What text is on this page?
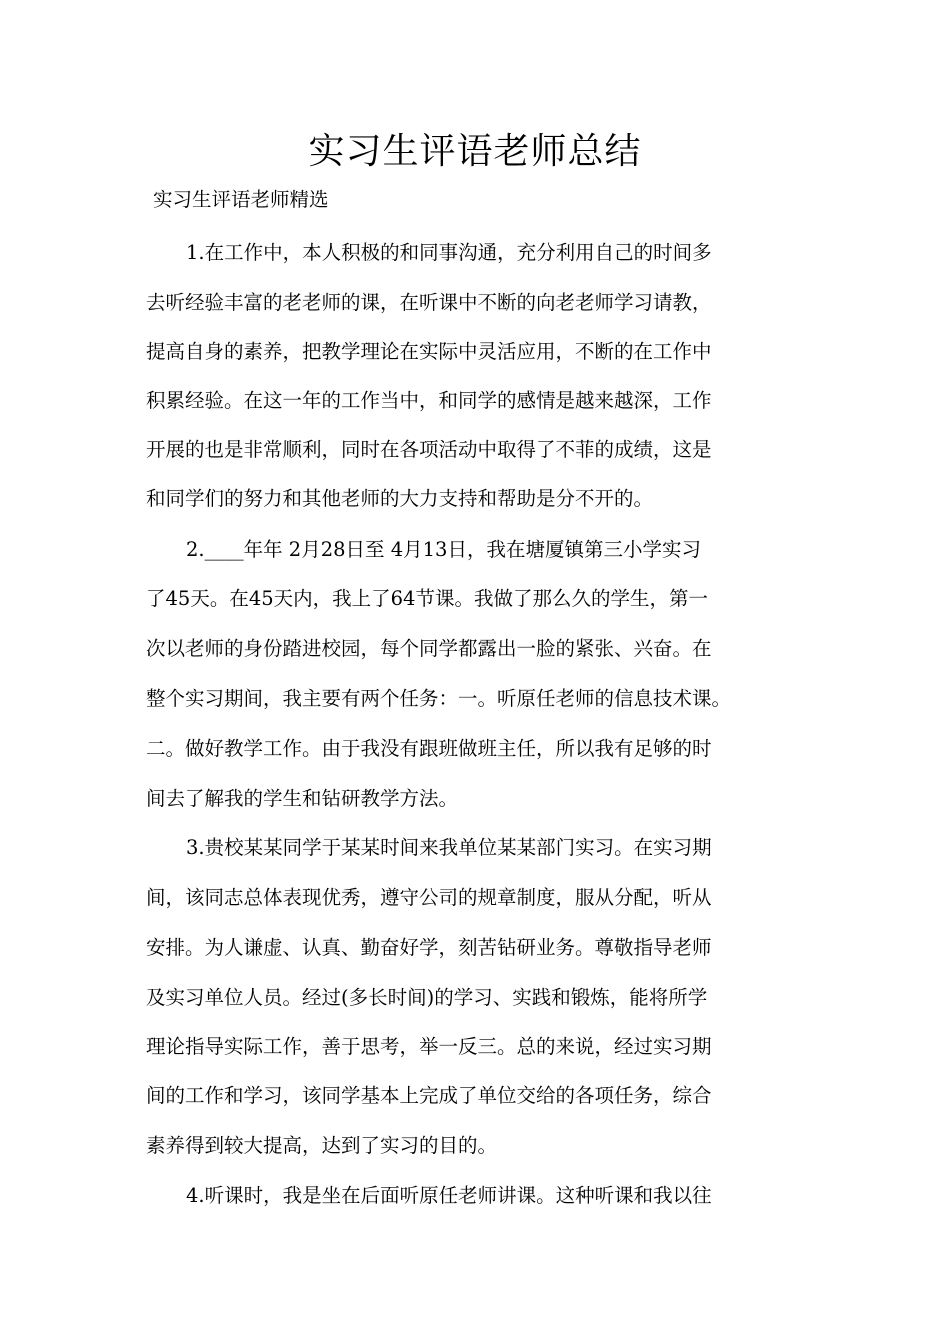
实习生评语老师总结
实习生评语老师精选
1.在工作中，本人积极的和同事沟通，充分利用自己的时间多
去听经验丰富的老老师的课，在听课中不断的向老老师学习请教，
提高自身的素养，把教学理论在实际中灵活应用，不断的在工作中
积累经验。在这一年的工作当中，和同学的感情是越来越深，工作
开展的也是非常顺利，同时在各项活动中取得了不菲的成绩，这是
和同学们的努力和其他老师的大力支持和帮助是分不开的。
2.____年年 2月28日至 4月13日，我在塘厦镇第三小学实习
了45天。在45天内，我上了64节课。我做了那么久的学生，第一
次以老师的身份踏进校园，每个同学都露出一脸的紧张、兴奋。在
整个实习期间，我主要有两个任务：一。听原任老师的信息技术课。
二。做好教学工作。由于我没有跟班做班主任，所以我有足够的时
间去了解我的学生和钻研教学方法。
3.贵校某某同学于某某时间来我单位某某部门实习。在实习期
间，该同志总体表现优秀，遵守公司的规章制度，服从分配，听从
安排。为人谦虚、认真、勤奋好学，刻苦钻研业务。尊敬指导老师
及实习单位人员。经过(多长时间)的学习、实践和锻炼，能将所学
理论指导实际工作，善于思考，举一反三。总的来说，经过实习期
间的工作和学习，该同学基本上完成了单位交给的各项任务，综合
素养得到较大提高，达到了实习的目的。
4.听课时，我是坐在后面听原任老师讲课。这种听课和我以往
